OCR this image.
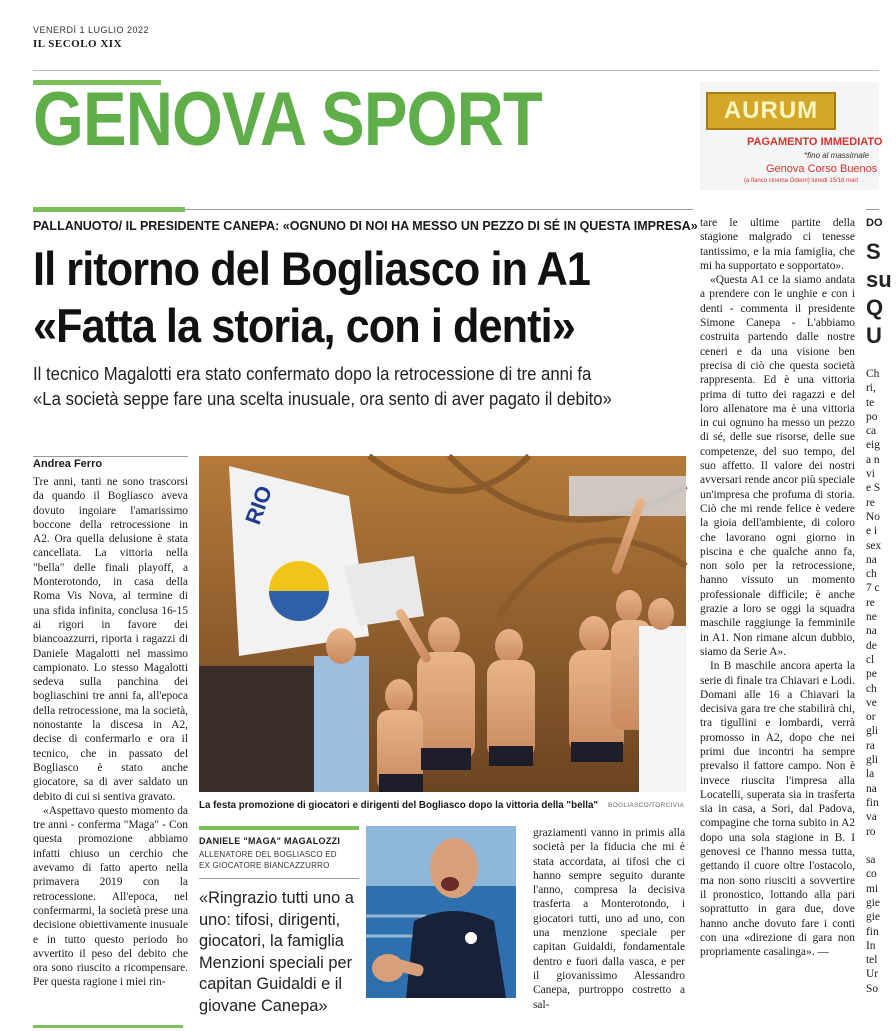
VENERDÌ 1 LUGLIO 2022
IL SECOLO XIX
GENOVA SPORT	AURUM
PAGAMENTO IMMEDIATO
*fino al massimale
Genova Corso Buenos
(a fianco cinema Odeon) lunedì 15/18 mart
PALLANUOTO/ IL PRESIDENTE CANEPA: «OGNUNO DI NOI HA MESSO UN PEZZO DI SÉ IN QUESTA IMPRESA»
Il ritorno del Bogliasco in A1
«Fatta la storia, con i denti»
Il tecnico Magalotti era stato confermato dopo la retrocessione di tre anni fa
«La società seppe fare una scelta inusuale, ora sento di aver pagato il debito»
Andrea Ferro

Tre anni, tanti ne sono trascorsi da quando il Bogliasco aveva dovuto ingoiare l'amarissimo boccone della retrocessione in A2. Ora quella delusione è stata cancellata. La vittoria nella "bella" delle finali playoff, a Monterotondo, in casa della Roma Vis Nova, al termine di una sfida infinita, conclusa 16-15 ai rigori in favore dei biancoazzurri, riporta i ragazzi di Daniele Magalotti nel massimo campionato. Lo stesso Magalotti sedeva sulla panchina dei bogliaschini tre anni fa, all'epoca della retrocessione, ma la società, nonostante la discesa in A2, decise di confermarlo e ora il tecnico, che in passato del Bogliasco è stato anche giocatore, sa di aver saldato un debito di cui si sentiva gravato.

«Aspettavo questo momento da tre anni - conferma "Maga" - Con questa promozione abbiamo infatti chiuso un cerchio che avevamo di fatto aperto nella primavera 2019 con la retrocessione. All'epoca, nel confermarmi, la società prese una decisione obiettivamente inusuale e in tutto questo periodo ho avvertito il peso del debito che ora sono riuscito a ricompensare. Per questa ragione i miei rin-

tare le ultime partite della stagione malgrado ci tenesse tantissimo, e la mia famiglia, che mi ha supportato e sopportato».

«Questa A1 ce la siamo andata a prendere con le unghie e con i denti - commenta il presidente Simone Canepa - L'abbiamo costruita partendo dalle nostre ceneri e da una visione ben precisa di ciò che questa società rappresenta. Ed è una vittoria prima di tutto dei ragazzi e del loro allenatore ma è una vittoria in cui ognuno ha messo un pezzo di sé, delle sue risorse, delle sue competenze, del suo tempo, del suo affetto. Il valore dei nostri avversari rende ancor più speciale un'impresa che profuma di storia. Ciò che mi rende felice è vedere la gioia dell'ambiente, di coloro che lavorano ogni giorno in piscina e che qualche anno fa, non solo per la retrocessione, hanno vissuto un momento professionale difficile; è anche grazie a loro se oggi la squadra maschile raggiunge la femminile in A1. Non rimane alcun dubbio, siamo da Serie A».

In B maschile ancora aperta la serie di finale tra Chiavari e Lodi. Domani alle 16 a Chiavari la decisiva gara tre che stabilirà chi, tra tigullini e lombardi, verrà promosso in A2, dopo che nei primi due incontri ha sempre prevalso il fattore campo. Non è invece riuscita l'impresa alla Locatelli, superata sia in trasferta sia in casa, a Sori, dal Padova, compagine che torna subito in A2 dopo una sola stagione in B. I genovesi ce l'hanno messa tutta, gettando il cuore oltre l'ostacolo, ma non sono riusciti a sovvertire il pronostico, lottando alla pari soprattutto in gara due, dove hanno anche dovuto fare i conti con una «direzione di gara non propriamente casalinga». —

RIO
La festa promozione di giocatori e dirigenti del Bogliasco dopo la vittoria della "bella" BOGLIASCO/TORCIVIA
DANIELE "MAGA" MAGALOZZI
ALLENATORE DEL BOGLIASCO ED EX GIOCATORE BIANCAZZURRO
«Ringrazio tutti uno a uno: tifosi, dirigenti, giocatori, la famiglia Menzioni speciali per capitan Guidaldi e il giovane Canepa»

graziamenti vanno in primis alla società per la fiducia che mi è stata accordata, ai tifosi che ci hanno sempre seguito durante l'anno, compresa la decisiva trasferta a Monterotondo, i giocatori tutti, uno ad uno, con una menzione speciale per capitan Guidaldi, fondamentale dentro e fuori dalla vasca, e per il giovanissimo Alessandro Canepa, purtroppo costretto a sal-

DO
S
su
Q
U
Ch
ri,
te
po
ca
eig
a n
vi
e S
re
No
e i
sex
na
ch
7 c
re
ne
na
de
cl
pe
ch
ve
or
gli
ra
gli
la
na
fin
va
ro

sa
co
mi
gie
gie
fin
In
tel
Ur
So
